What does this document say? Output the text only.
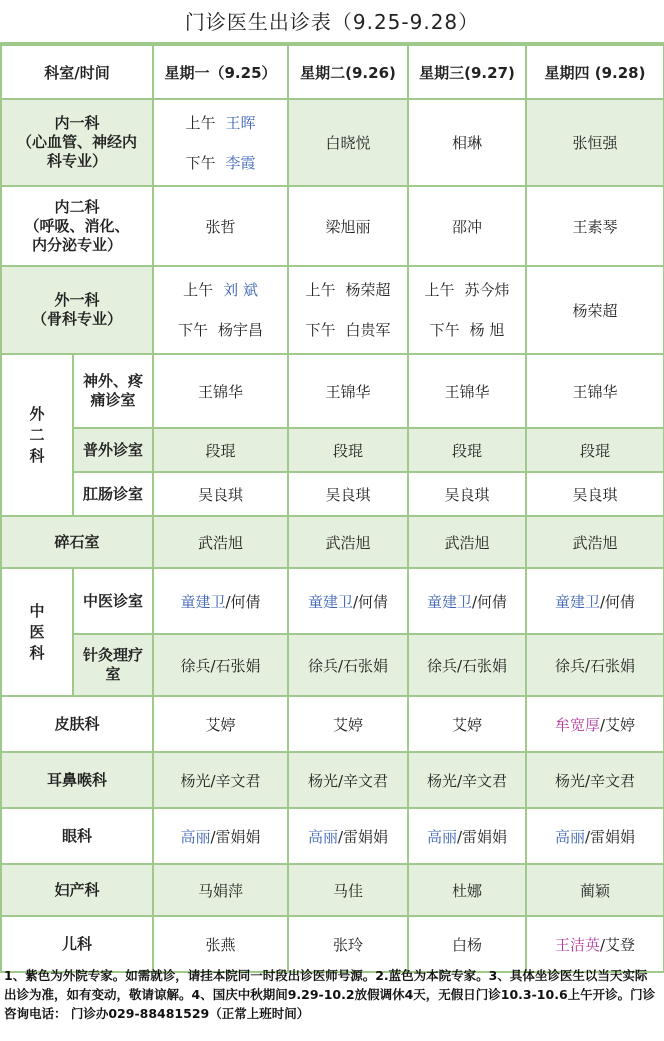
门诊医生出诊表（9.25-9.28）
科室/时间		星期一（9.25）	星期二(9.26)	星期三(9.27)	星期四 (9.28)
内一科
（心血管、神经内
科专业）		上午 王晖
下午 李霞	白晓悦	相琳	张恒强
内二科
（呼吸、消化、
内分泌专业）		张哲	梁旭丽	邵冲	王素琴
外一科
（骨科专业）		上午 刘 斌
下午 杨宇昌	上午 杨荣超
下午 白贵军	上午 苏今炜
下午 杨 旭	杨荣超
外
二
科	神外、疼
痛诊室	王锦华	王锦华	王锦华	王锦华
	普外诊室	段琨	段琨	段琨	段琨
	肛肠诊室	吴良琪	吴良琪	吴良琪	吴良琪
碎石室		武浩旭	武浩旭	武浩旭	武浩旭
中
医
科	中医诊室	童建卫/何倩	童建卫/何倩	童建卫/何倩	童建卫/何倩
	针灸理疗
室	徐兵/石张娟	徐兵/石张娟	徐兵/石张娟	徐兵/石张娟
皮肤科		艾婷	艾婷	艾婷	牟宽厚/艾婷
耳鼻喉科		杨光/辛文君	杨光/辛文君	杨光/辛文君	杨光/辛文君
眼科		高丽/雷娟娟	高丽/雷娟娟	高丽/雷娟娟	高丽/雷娟娟
妇产科		马娟萍	马佳	杜娜	蔺颖
儿科		张燕	张玲	白杨	王洁英/艾登
1、紫色为外院专家。如需就诊，请挂本院同一时段出诊医师号源。2.蓝色为本院专家。3、具体坐诊医生以当天实际出诊为准，如有变动，敬请谅解。4、国庆中秋期间9.29-10.2放假调休4天，无假日门诊10.3-10.6上午开诊。门诊咨询电话： 门诊办029-88481529（正常上班时间）
